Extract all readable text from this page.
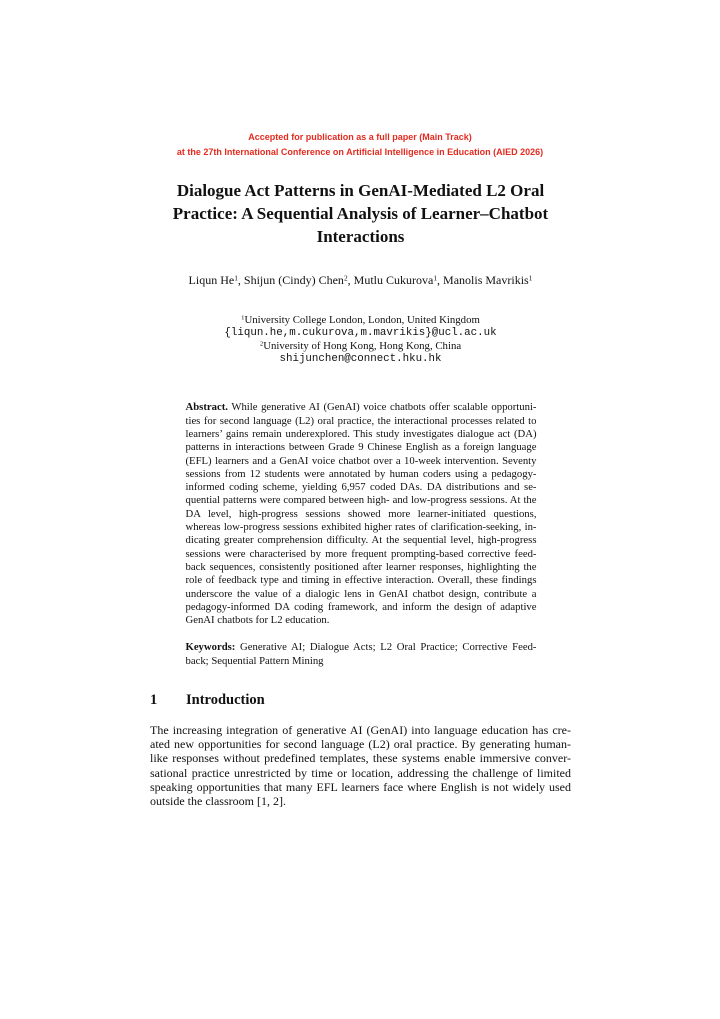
Accepted for publication as a full paper (Main Track)
at the 27th International Conference on Artificial Intelligence in Education (AIED 2026)
Dialogue Act Patterns in GenAI-Mediated L2 Oral
Practice: A Sequential Analysis of Learner–Chatbot
Interactions
Liqun He$^1$, Shijun (Cindy) Chen$^2$, Mutlu Cukurova$^1$, Manolis Mavrikis$^1$
$^1$University College London, London, United Kingdom
{liqun.he,m.cukurova,m.mavrikis}@ucl.ac.uk
$^2$University of Hong Kong, Hong Kong, China
shijunchen@connect.hku.hk
Abstract. While generative AI (GenAI) voice chatbots offer scalable opportuni-
ties for second language (L2) oral practice, the interactional processes related to
learners’ gains remain underexplored. This study investigates dialogue act (DA)
patterns in interactions between Grade 9 Chinese English as a foreign language
(EFL) learners and a GenAI voice chatbot over a 10-week intervention. Seventy
sessions from 12 students were annotated by human coders using a pedagogy-
informed coding scheme, yielding 6,957 coded DAs. DA distributions and se-
quential patterns were compared between high- and low-progress sessions. At the
DA level, high-progress sessions showed more learner-initiated questions,
whereas low-progress sessions exhibited higher rates of clarification-seeking, in-
dicating greater comprehension difficulty. At the sequential level, high-progress
sessions were characterised by more frequent prompting-based corrective feed-
back sequences, consistently positioned after learner responses, highlighting the
role of feedback type and timing in effective interaction. Overall, these findings
underscore the value of a dialogic lens in GenAI chatbot design, contribute a
pedagogy-informed DA coding framework, and inform the design of adaptive
GenAI chatbots for L2 education.
Keywords: Generative AI; Dialogue Acts; L2 Oral Practice; Corrective Feed-
back; Sequential Pattern Mining
1 Introduction
The increasing integration of generative AI (GenAI) into language education has cre-
ated new opportunities for second language (L2) oral practice. By generating human-
like responses without predefined templates, these systems enable immersive conver-
sational practice unrestricted by time or location, addressing the challenge of limited
speaking opportunities that many EFL learners face where English is not widely used
outside the classroom [1, 2].
